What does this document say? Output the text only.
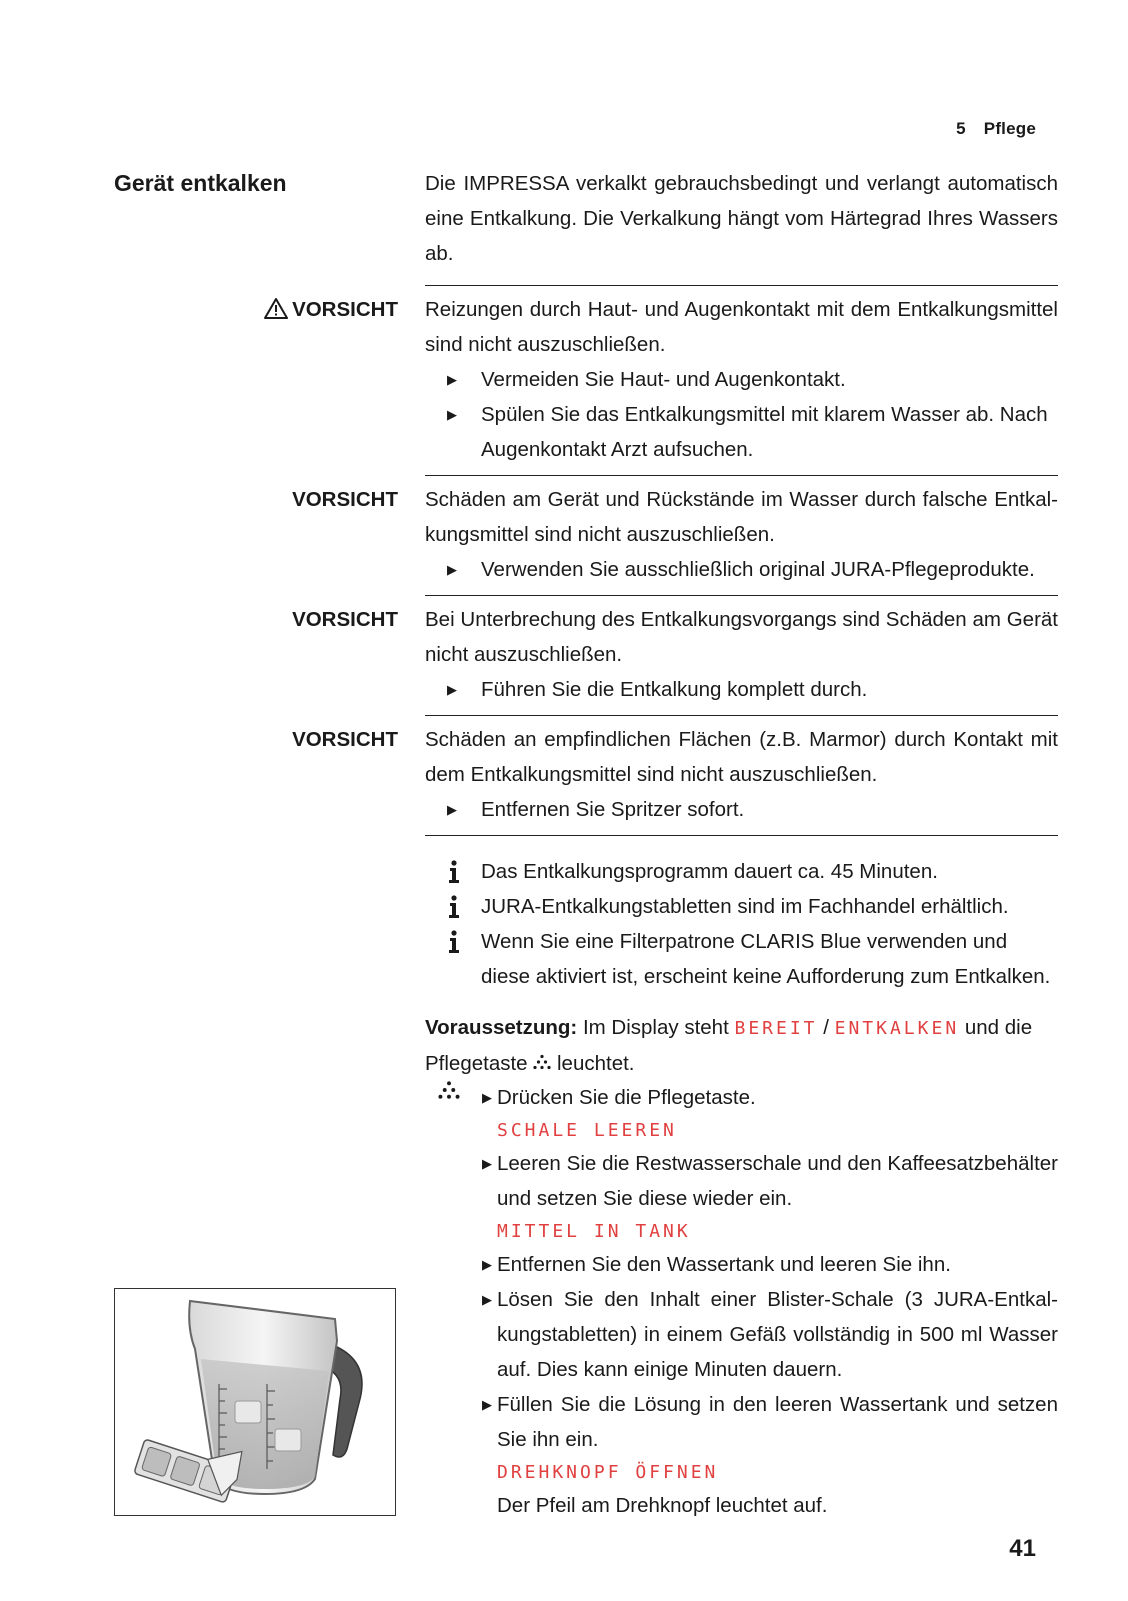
5 Pflege
Gerät entkalken	Die IMPRESSA verkalkt gebrauchsbedingt und verlangt automatisch eine Entkalkung. Die Verkalkung hängt vom Härtegrad Ihres Wassers ab.
VORSICHT Reizungen durch Haut- und Augenkontakt mit dem Entkalkungsmittel sind nicht auszuschließen.
▶ Vermeiden Sie Haut- und Augenkontakt.
▶ Spülen Sie das Entkalkungsmittel mit klarem Wasser ab. Nach Augenkontakt Arzt aufsuchen.
VORSICHT Schäden am Gerät und Rückstände im Wasser durch falsche Entkalkungsmittel sind nicht auszuschließen.
▶ Verwenden Sie ausschließlich original JURA-Pflegeprodukte.
VORSICHT Bei Unterbrechung des Entkalkungsvorgangs sind Schäden am Gerät nicht auszuschließen.
▶ Führen Sie die Entkalkung komplett durch.
VORSICHT Schäden an empfindlichen Flächen (z.B. Marmor) durch Kontakt mit dem Entkalkungsmittel sind nicht auszuschließen.
▶ Entfernen Sie Spritzer sofort.
Das Entkalkungsprogramm dauert ca. 45 Minuten.
JURA-Entkalkungstabletten sind im Fachhandel erhältlich.
Wenn Sie eine Filterpatrone CLARIS Blue verwenden und diese aktiviert ist, erscheint keine Aufforderung zum Entkalken.
Voraussetzung: Im Display steht BEREIT / ENTKALKEN und die Pflegetaste leuchtet.
▶ Drücken Sie die Pflegetaste.
SCHALE LEEREN
▶ Leeren Sie die Restwasserschale und den Kaffeesatzbehälter und setzen Sie diese wieder ein.
MITTEL IN TANK
▶ Entfernen Sie den Wassertank und leeren Sie ihn.
▶ Lösen Sie den Inhalt einer Blister-Schale (3 JURA-Entkalkungstabletten) in einem Gefäß vollständig in 500 ml Wasser auf. Dies kann einige Minuten dauern.
▶ Füllen Sie die Lösung in den leeren Wassertank und setzen Sie ihn ein.
DREHKNOPF ÖFFNEN
Der Pfeil am Drehknopf leuchtet auf.
41
